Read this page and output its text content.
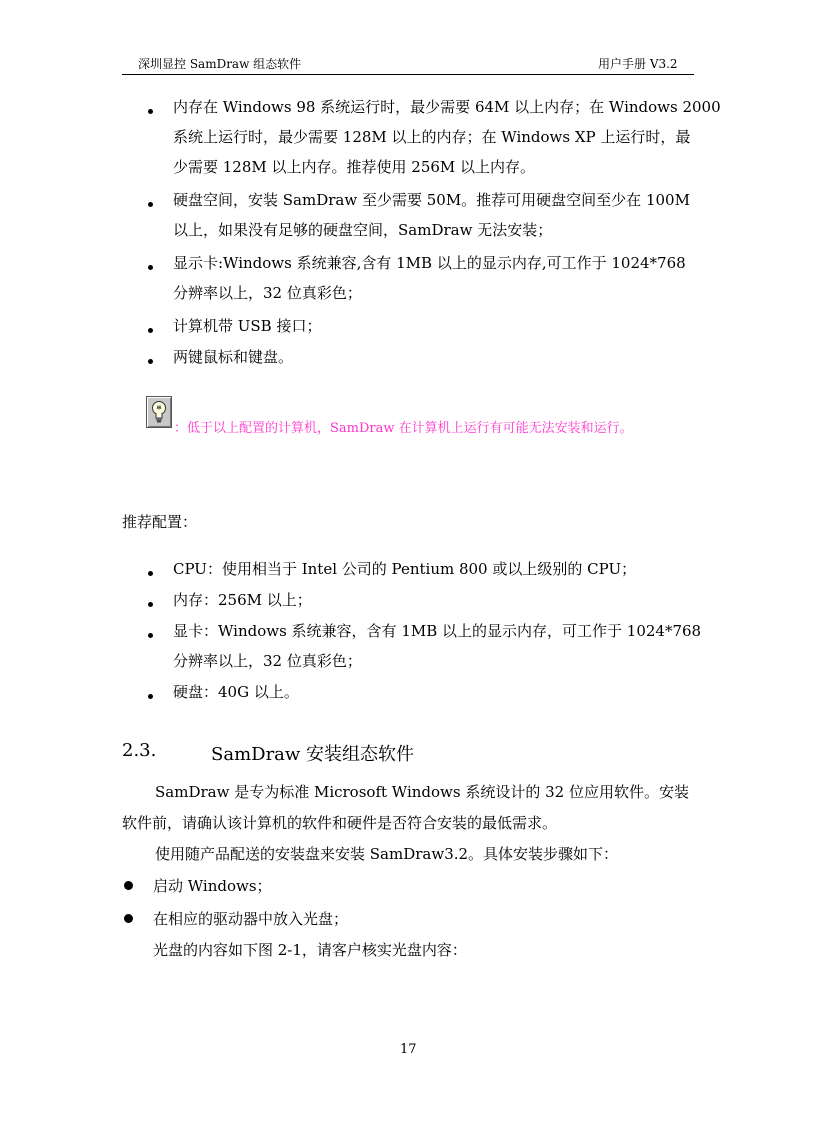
深圳显控 SamDraw 组态软件	用户手册 V3.2
内存在 Windows 98 系统运行时，最少需要 64M 以上内存；在 Windows 2000
系统上运行时，最少需要 128M 以上的内存；在 Windows XP 上运行时，最
少需要 128M 以上内存。推荐使用 256M 以上内存。
硬盘空间，安装 SamDraw 至少需要 50M。推荐可用硬盘空间至少在 100M
以上，如果没有足够的硬盘空间，SamDraw 无法安装；
显示卡:Windows 系统兼容,含有 1MB 以上的显示内存,可工作于 1024*768
分辨率以上，32 位真彩色；
计算机带 USB 接口；
两键鼠标和键盘。
：低于以上配置的计算机，SamDraw 在计算机上运行有可能无法安装和运行。
推荐配置：
CPU：使用相当于 Intel 公司的 Pentium 800 或以上级别的 CPU；
内存：256M 以上；
显卡：Windows 系统兼容，含有 1MB 以上的显示内存，可工作于 1024*768
分辨率以上，32 位真彩色；
硬盘：40G 以上。
2.3.	SamDraw 安装组态软件
SamDraw 是专为标准 Microsoft Windows 系统设计的 32 位应用软件。安装
软件前，请确认该计算机的软件和硬件是否符合安装的最低需求。
使用随产品配送的安装盘来安装 SamDraw3.2。具体安装步骤如下：
启动 Windows；
在相应的驱动器中放入光盘；
光盘的内容如下图 2-1，请客户核实光盘内容：
17
